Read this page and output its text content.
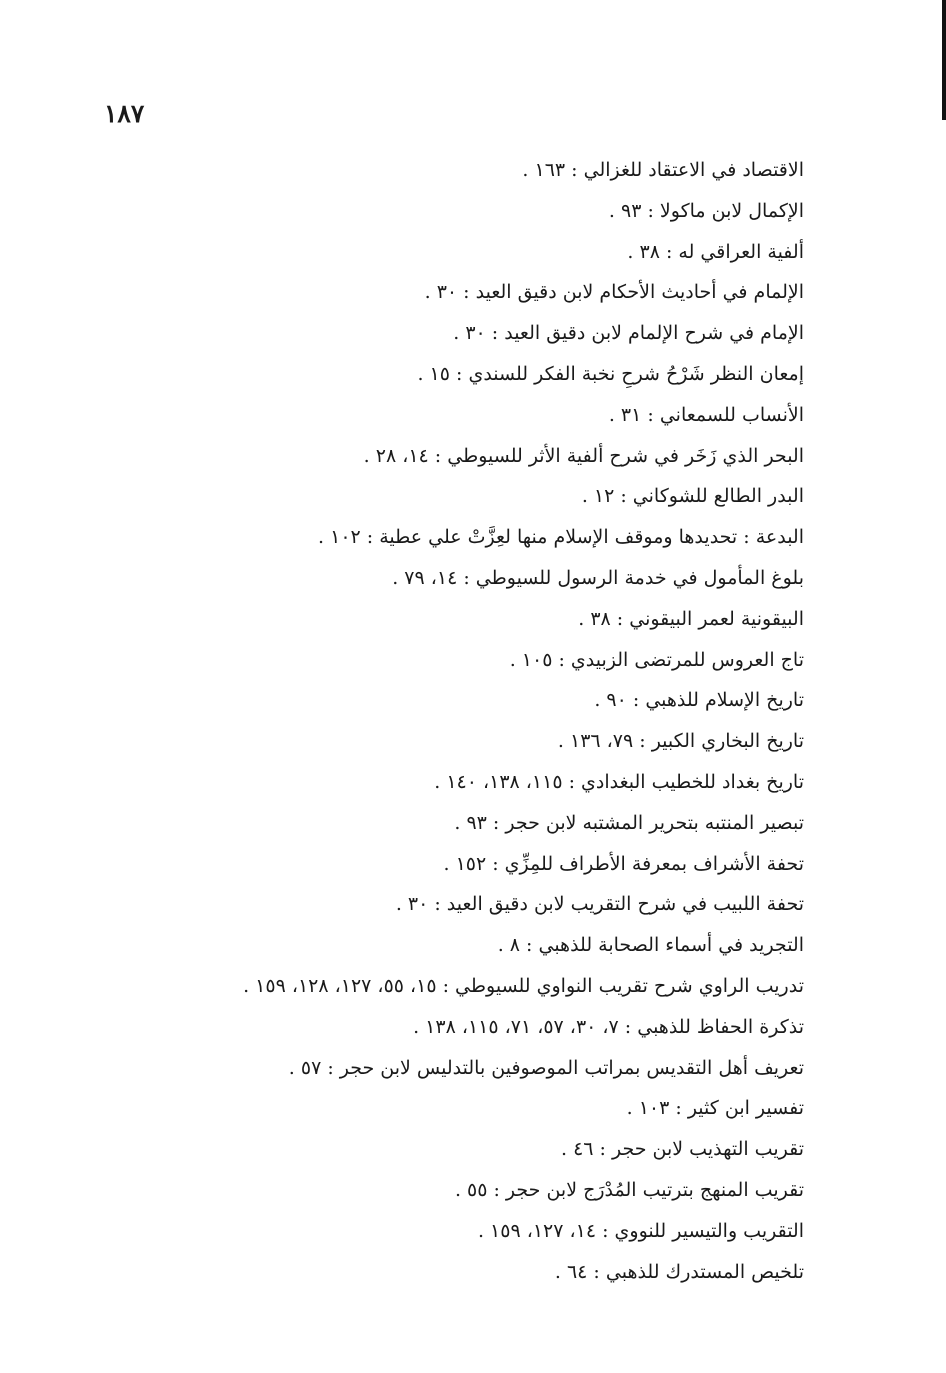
١٨٧
الاقتصاد في الاعتقاد للغزالي : ١٦٣ .
الإكمال لابن ماكولا : ٩٣ .
ألفية العراقي له : ٣٨ .
الإلمام في أحاديث الأحكام لابن دقيق العيد : ٣٠ .
الإمام في شرح الإلمام لابن دقيق العيد : ٣٠ .
إمعان النظر شَرْحُ شرحِ نخبة الفكر للسندي : ١٥ .
الأنساب للسمعاني : ٣١ .
البحر الذي زَخَر في شرح ألفية الأثر للسيوطي : ١٤، ٢٨ .
البدر الطالع للشوكاني : ١٢ .
البدعة : تحديدها وموقف الإسلام منها لعِزَّتْ علي عطية : ١٠٢ .
بلوغ المأمول في خدمة الرسول للسيوطي : ١٤، ٧٩ .
البيقونية لعمر البيقوني : ٣٨ .
تاج العروس للمرتضى الزبيدي : ١٠٥ .
تاريخ الإسلام للذهبي : ٩٠ .
تاريخ البخاري الكبير : ٧٩، ١٣٦ .
تاريخ بغداد للخطيب البغدادي : ١١٥، ١٣٨، ١٤٠ .
تبصير المنتبه بتحرير المشتبه لابن حجر : ٩٣ .
تحفة الأشراف بمعرفة الأطراف للمِزِّي : ١٥٢ .
تحفة اللبيب في شرح التقريب لابن دقيق العيد : ٣٠ .
التجريد في أسماء الصحابة للذهبي : ٨ .
تدريب الراوي شرح تقريب النواوي للسيوطي : ١٥، ٥٥، ١٢٧، ١٢٨، ١٥٩ .
تذكرة الحفاظ للذهبي : ٧، ٣٠، ٥٧، ٧١، ١١٥، ١٣٨ .
تعريف أهل التقديس بمراتب الموصوفين بالتدليس لابن حجر : ٥٧ .
تفسير ابن كثير : ١٠٣ .
تقريب التهذيب لابن حجر : ٤٦ .
تقريب المنهج بترتيب المُدْرَج لابن حجر : ٥٥ .
التقريب والتيسير للنووي : ١٤، ١٢٧، ١٥٩ .
تلخيص المستدرك للذهبي : ٦٤ .
